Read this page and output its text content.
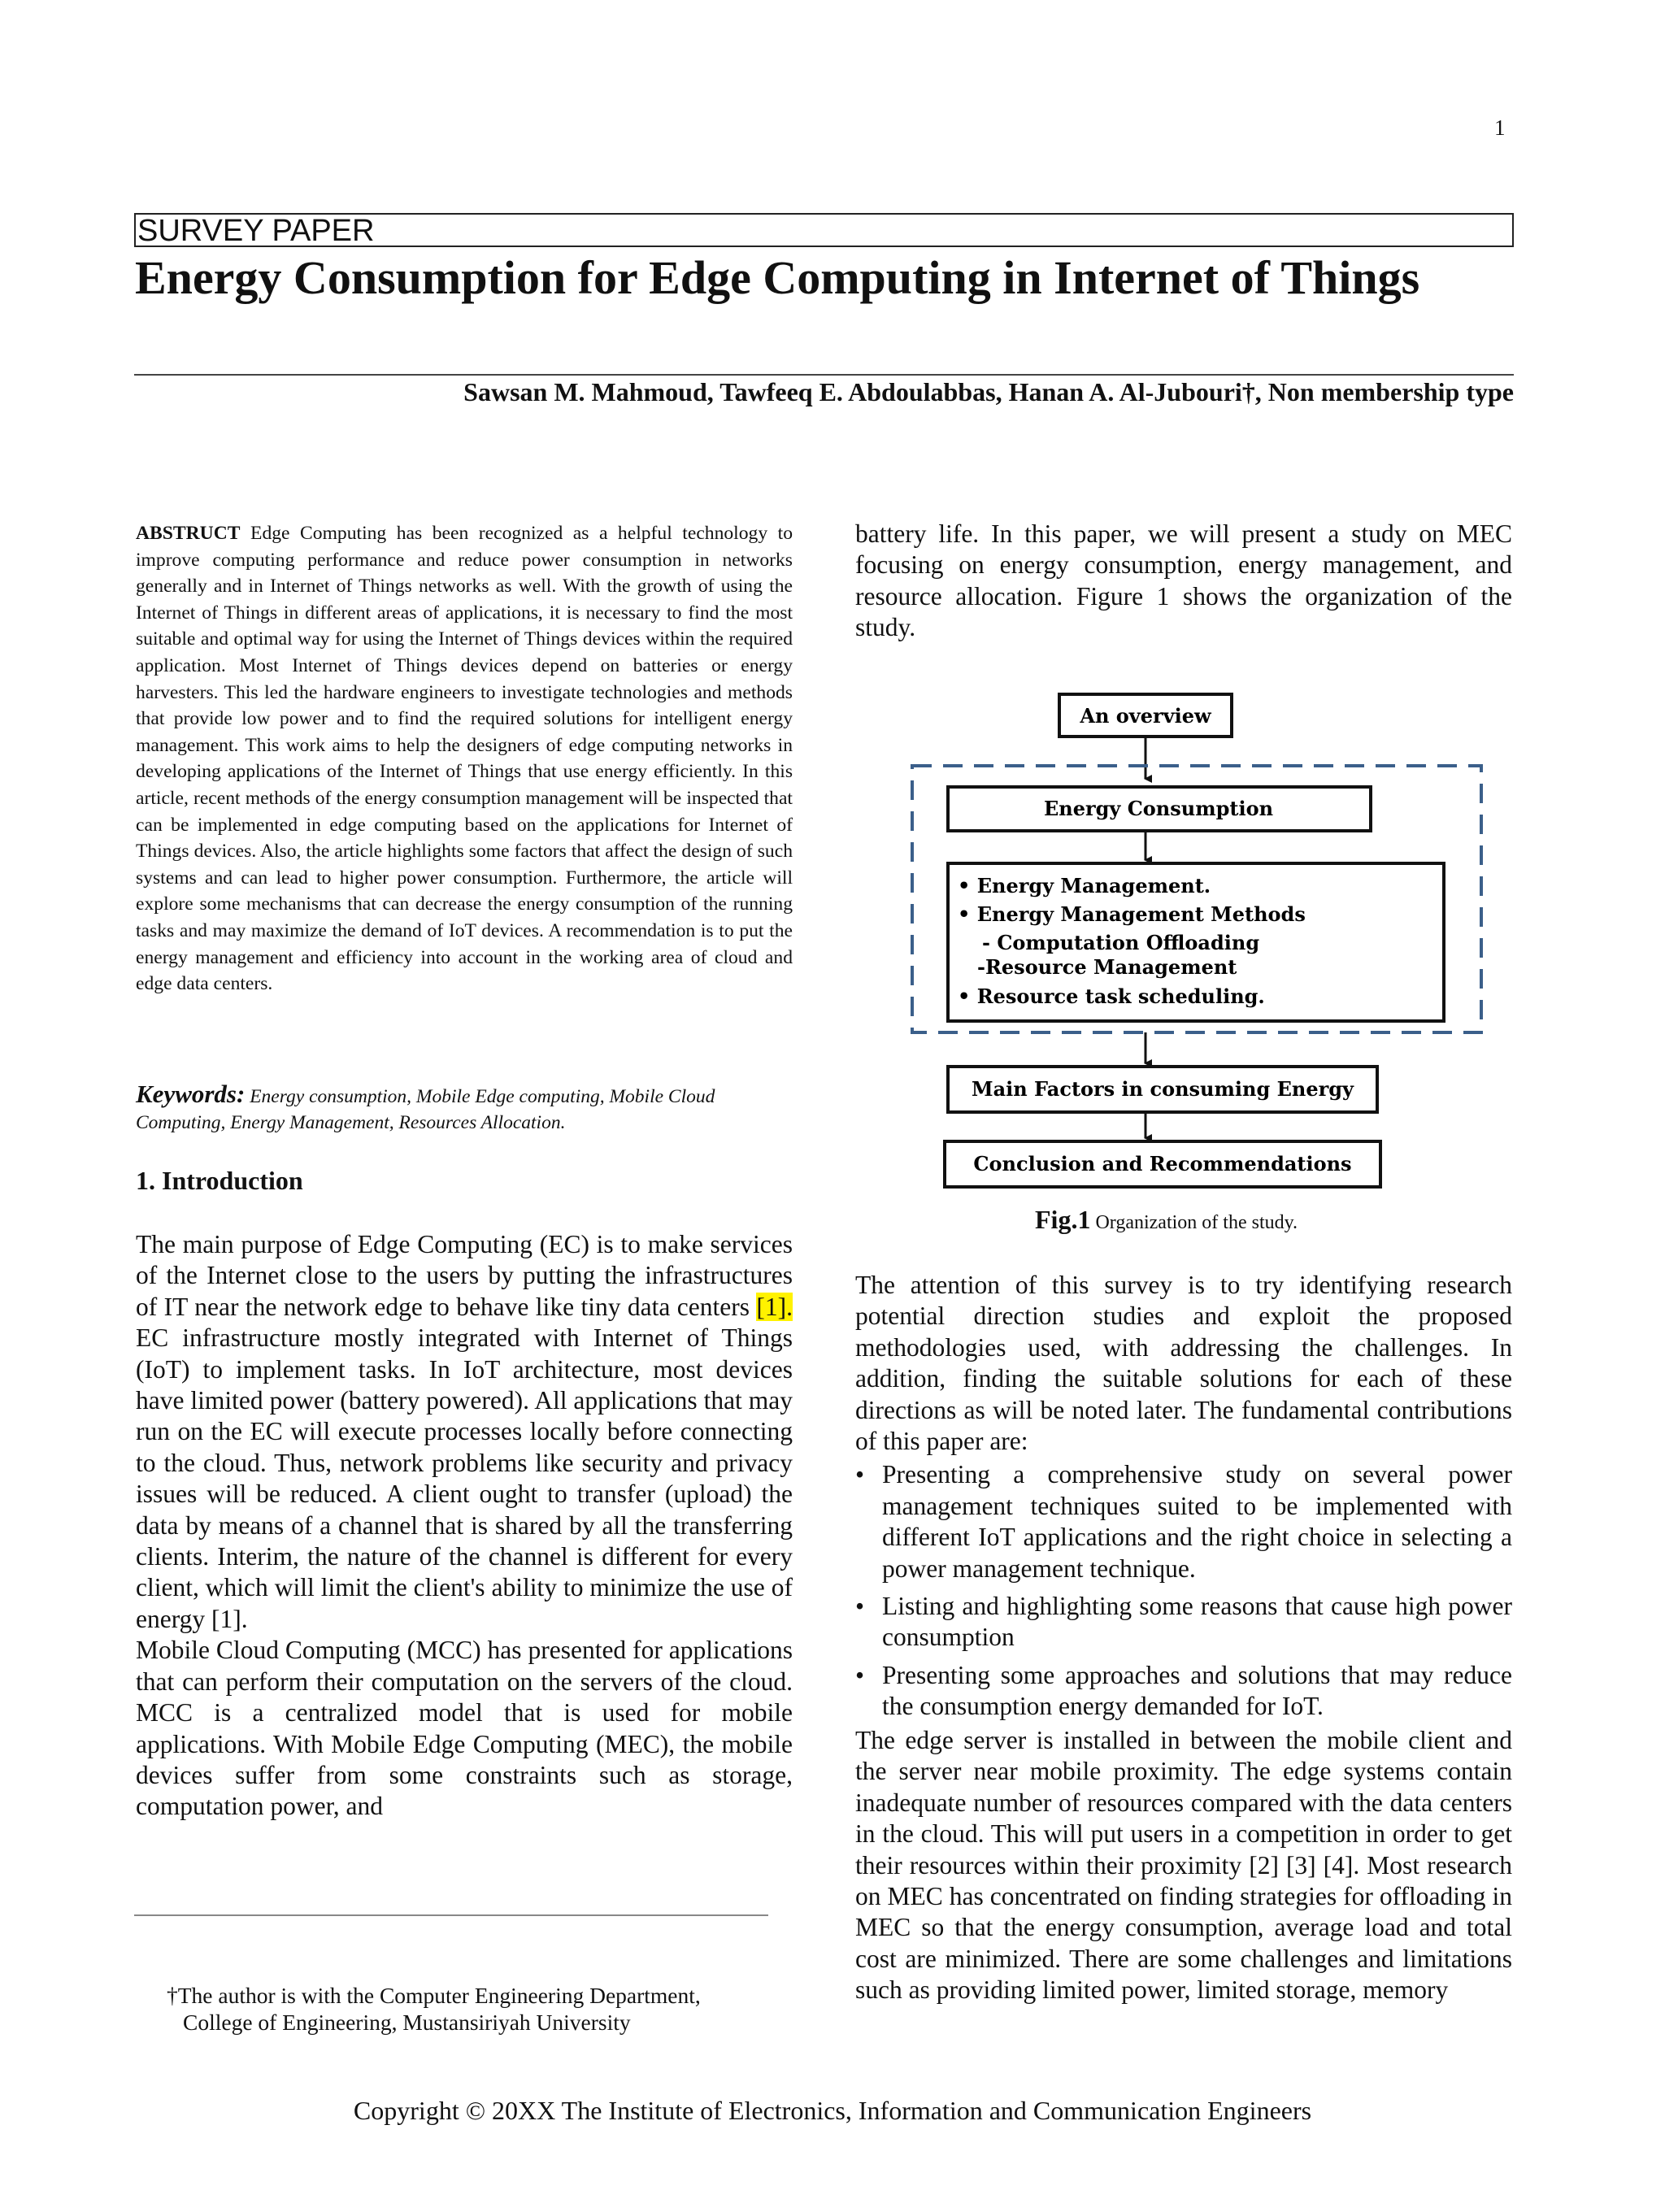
1
SURVEY PAPER
Energy Consumption for Edge Computing in Internet of Things
Sawsan M. Mahmoud, Tawfeeq E. Abdoulabbas, Hanan A. Al-Jubouri†, Non membership type
ABSTRUCT Edge Computing has been recognized as a helpful technology to improve computing performance and reduce power consumption in networks generally and in Internet of Things networks as well. With the growth of using the Internet of Things in different areas of applications, it is necessary to find the most suitable and optimal way for using the Internet of Things devices within the required application. Most Internet of Things devices depend on batteries or energy harvesters. This led the hardware engineers to investigate technologies and methods that provide low power and to find the required solutions for intelligent energy management. This work aims to help the designers of edge computing networks in developing applications of the Internet of Things that use energy efficiently. In this article, recent methods of the energy consumption management will be inspected that can be implemented in edge computing based on the applications for Internet of Things devices. Also, the article highlights some factors that affect the design of such systems and can lead to higher power consumption. Furthermore, the article will explore some mechanisms that can decrease the energy consumption of the running tasks and may maximize the demand of IoT devices. A recommendation is to put the energy management and efficiency into account in the working area of cloud and edge data centers.
Keywords: Energy consumption, Mobile Edge computing, Mobile Cloud Computing, Energy Management, Resources Allocation.
1. Introduction

The main purpose of Edge Computing (EC) is to make services of the Internet close to the users by putting the infrastructures of IT near the network edge to behave like tiny data centers [1]. EC infrastructure mostly integrated with Internet of Things (IoT) to implement tasks. In IoT architecture, most devices have limited power (battery powered). All applications that may run on the EC will execute processes locally before connecting to the cloud. Thus, network problems like security and privacy issues will be reduced. A client ought to transfer (upload) the data by means of a channel that is shared by all the transferring clients. Interim, the nature of the channel is different for every client, which will limit the client's ability to minimize the use of energy [1].

Mobile Cloud Computing (MCC) has presented for applications that can perform their computation on the servers of the cloud. MCC is a centralized model that is used for mobile applications. With Mobile Edge Computing (MEC), the mobile devices suffer from some constraints such as storage, computation power, and

†The author is with the Computer Engineering Department,
College of Engineering, Mustansiriyah University
battery life. In this paper, we will present a study on MEC focusing on energy consumption, energy management, and resource allocation. Figure 1 shows the organization of the study.
An overview
Energy Consumption
• Energy Management.
• Energy Management Methods
- Computation Offloading
-Resource Management
• Resource task scheduling.
Main Factors in consuming Energy
Conclusion and Recommendations
Fig.1 Organization of the study.

The attention of this survey is to try identifying research potential direction studies and exploit the proposed methodologies used, with addressing the challenges. In addition, finding the suitable solutions for each of these directions as will be noted later. The fundamental contributions of this paper are:

• Presenting a comprehensive study on several power management techniques suited to be implemented with different IoT applications and the right choice in selecting a power management technique.
• Listing and highlighting some reasons that cause high power consumption
• Presenting some approaches and solutions that may reduce the consumption energy demanded for IoT.
The edge server is installed in between the mobile client and the server near mobile proximity. The edge systems contain inadequate number of resources compared with the data centers in the cloud. This will put users in a competition in order to get their resources within their proximity [2] [3] [4]. Most research on MEC has concentrated on finding strategies for offloading in MEC so that the energy consumption, average load and total cost are minimized. There are some challenges and limitations such as providing limited power, limited storage, memory
Copyright © 20XX The Institute of Electronics, Information and Communication Engineers
